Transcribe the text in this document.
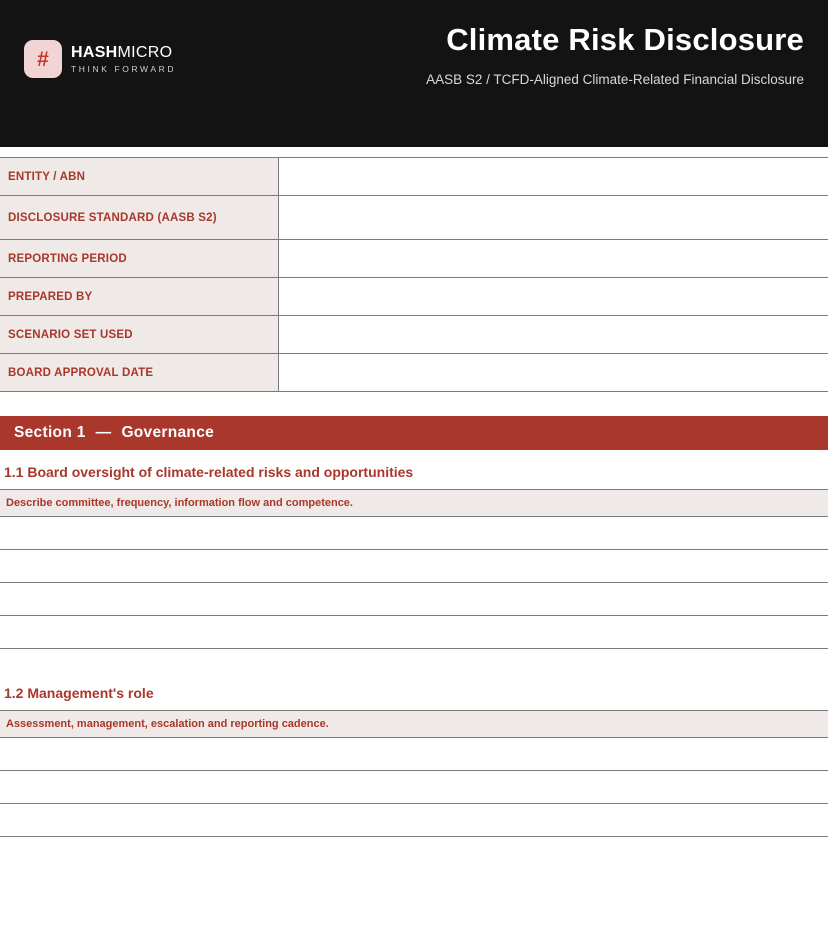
# HASHMICRO
THINK FORWARD
Climate Risk Disclosure
AASB S2 / TCFD-Aligned Climate-Related Financial Disclosure
ENTITY / ABN	
DISCLOSURE STANDARD (AASB S2)	
REPORTING PERIOD	
PREPARED BY	
SCENARIO SET USED	
BOARD APPROVAL DATE	
Section 1 — Governance
1.1 Board oversight of climate-related risks and opportunities
Describe committee, frequency, information flow and competence.
1.2 Management's role
Assessment, management, escalation and reporting cadence.
